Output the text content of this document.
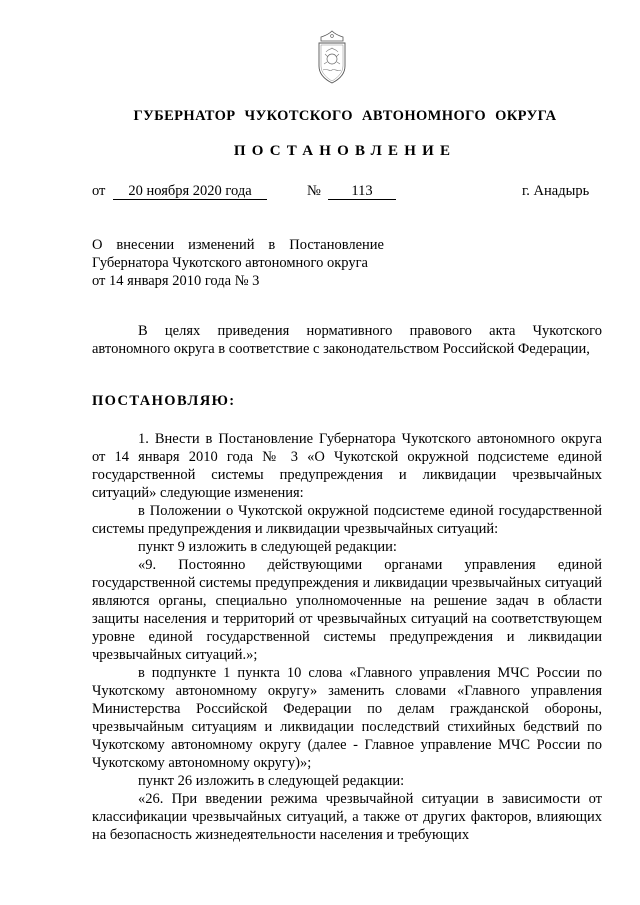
ГУБЕРНАТОР ЧУКОТСКОГО АВТОНОМНОГО ОКРУГА
ПОСТАНОВЛЕНИЕ
от	20 ноября 2020 года	№	113	г. Анадырь
О внесении изменений в Постановление
Губернатора Чукотского автономного округа
от 14 января 2010 года № 3

В целях приведения нормативного правового акта Чукотского автономного округа в соответствие с законодательством Российской Федерации,

ПОСТАНОВЛЯЮ:

1. Внести в Постановление Губернатора Чукотского автономного округа от 14 января 2010 года № 3 «О Чукотской окружной подсистеме единой государственной системы предупреждения и ликвидации чрезвычайных ситуаций» следующие изменения:

в Положении о Чукотской окружной подсистеме единой государственной системы предупреждения и ликвидации чрезвычайных ситуаций:

пункт 9 изложить в следующей редакции:

«9. Постоянно действующими органами управления единой государственной системы предупреждения и ликвидации чрезвычайных ситуаций являются органы, специально уполномоченные на решение задач в области защиты населения и территорий от чрезвычайных ситуаций на соответствующем уровне единой государственной системы предупреждения и ликвидации чрезвычайных ситуаций.»;

в подпункте 1 пункта 10 слова «Главного управления МЧС России по Чукотскому автономному округу» заменить словами «Главного управления Министерства Российской Федерации по делам гражданской обороны, чрезвычайным ситуациям и ликвидации последствий стихийных бедствий по Чукотскому автономному округу (далее - Главное управление МЧС России по Чукотскому автономному округу)»;

пункт 26 изложить в следующей редакции:

«26. При введении режима чрезвычайной ситуации в зависимости от классификации чрезвычайных ситуаций, а также от других факторов, влияющих на безопасность жизнедеятельности населения и требующих
